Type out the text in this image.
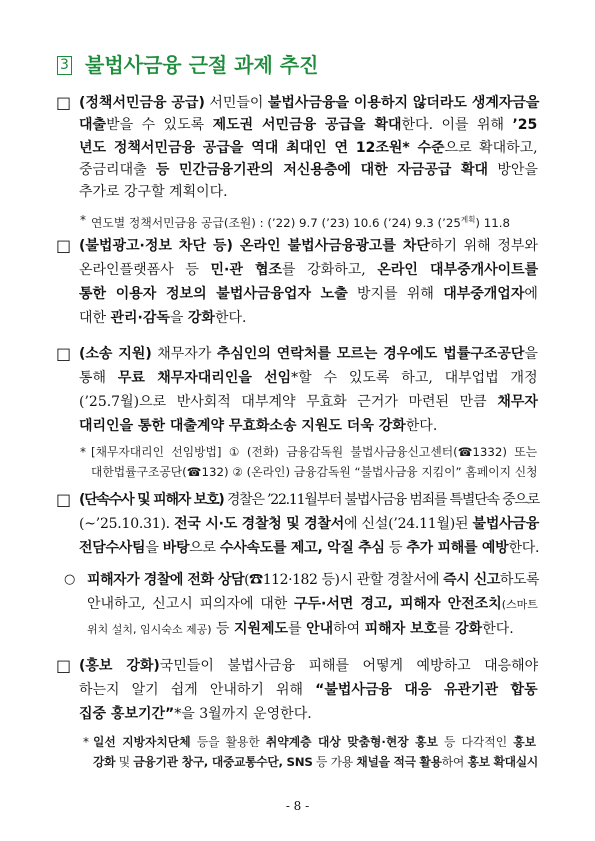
3 불법사금융 근절 과제 추진
□ (정책서민금융 공급) 서민들이 불법사금융을 이용하지 않더라도 생계자금을
대출받을 수 있도록 제도권 서민금융 공급을 확대한다. 이를 위해 ’25
년도 정책서민금융 공급을 역대 최대인 연 12조원* 수준으로 확대하고,
중금리대출 등 민간금융기관의 저신용층에 대한 자금공급 확대 방안을
추가로 강구할 계획이다.
* 연도별 정책서민금융 공급(조원) : (’22) 9.7 (’23) 10.6 (’24) 9.3 $(’25^{계획})$ 11.8
□ (불법광고·정보 차단 등) 온라인 불법사금융광고를 차단하기 위해 정부와
온라인플랫폼사 등 민·관 협조를 강화하고, 온라인 대부중개사이트를
통한 이용자 정보의 불법사금융업자 노출 방지를 위해 대부중개업자에
대한 관리·감독을 강화한다.
□ (소송 지원) 채무자가 추심인의 연락처를 모르는 경우에도 법률구조공단을
통해 무료 채무자대리인을 선임*할 수 있도록 하고, 대부업법 개정
(’25.7월)으로 반사회적 대부계약 무효화 근거가 마련된 만큼 채무자
대리인을 통한 대출계약 무효화소송 지원도 더욱 강화한다.
* [채무자대리인 선임방법] ① (전화) 금융감독원 불법사금융신고센터(☎1332) 또는
대한법률구조공단(☎132) ② (온라인) 금융감독원 “불법사금융 지킴이” 홈페이지 신청
□ (단속수사 및 피해자 보호) 경찰은 ’22.11월부터 불법사금융 범죄를 특별단속 중으로
(~’25.10.31). 전국 시·도 경찰청 및 경찰서에 신설(’24.11월)된 불법사금융
전담수사팀을 바탕으로 수사속도를 제고, 악질 추심 등 추가 피해를 예방한다.
○ 피해자가 경찰에 전화 상담(☎112·182 등)시 관할 경찰서에 즉시 신고하도록
안내하고, 신고시 피의자에 대한 구두·서면 경고, 피해자 안전조치(스마트
위치 설치, 임시숙소 제공) 등 지원제도를 안내하여 피해자 보호를 강화한다.
□ (홍보 강화)국민들이 불법사금융 피해를 어떻게 예방하고 대응해야
하는지 알기 쉽게 안내하기 위해 “불법사금융 대응 유관기관 합동
집중 홍보기간”*을 3월까지 운영한다.
* 일선 지방자치단체 등을 활용한 취약계층 대상 맞춤형·현장 홍보 등 다각적인 홍보
강화 및 금융기관 창구, 대중교통수단, SNS 등 가용 채널을 적극 활용하여 홍보 확대실시
- 8 -
